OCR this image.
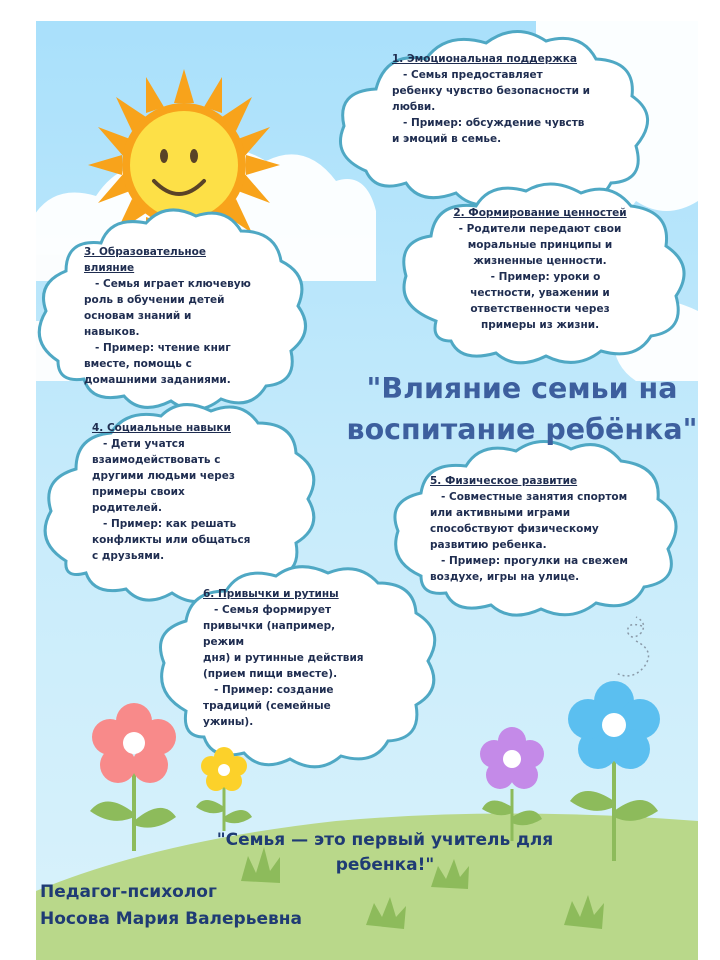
1. Эмоциональная поддержка

- Семья предоставляет
ребенку чувство безопасности и
любви.
- Пример: обсуждение чувств
и эмоций в семье.

2. Формирование ценностей

- Родители передают свои
моральные принципы и
жизненные ценности.
- Пример: уроки о
честности, уважении и
ответственности через
примеры из жизни.

3. Образовательное
влияние

- Семья играет ключевую
роль в обучении детей
основам знаний и
навыков.
- Пример: чтение книг
вместе, помощь с
домашними заданиями.

4. Социальные навыки

- Дети учатся
взаимодействовать с
другими людьми через
примеры своих
родителей.
- Пример: как решать
конфликты или общаться
с друзьями.

5. Физическое развитие

- Совместные занятия спортом
или активными играми
способствуют физическому
развитию ребенка.
- Пример: прогулки на свежем
воздухе, игры на улице.

6. Привычки и рутины

- Семья формирует
привычки (например, режим
дня) и рутинные действия
(прием пищи вместе).
- Пример: создание
традиций (семейные
ужины).

"Влияние семьи на воспитание ребёнка"

"Семья — это первый учитель для ребенка!"

Педагог-психолог
Носова Мария Валерьевна
